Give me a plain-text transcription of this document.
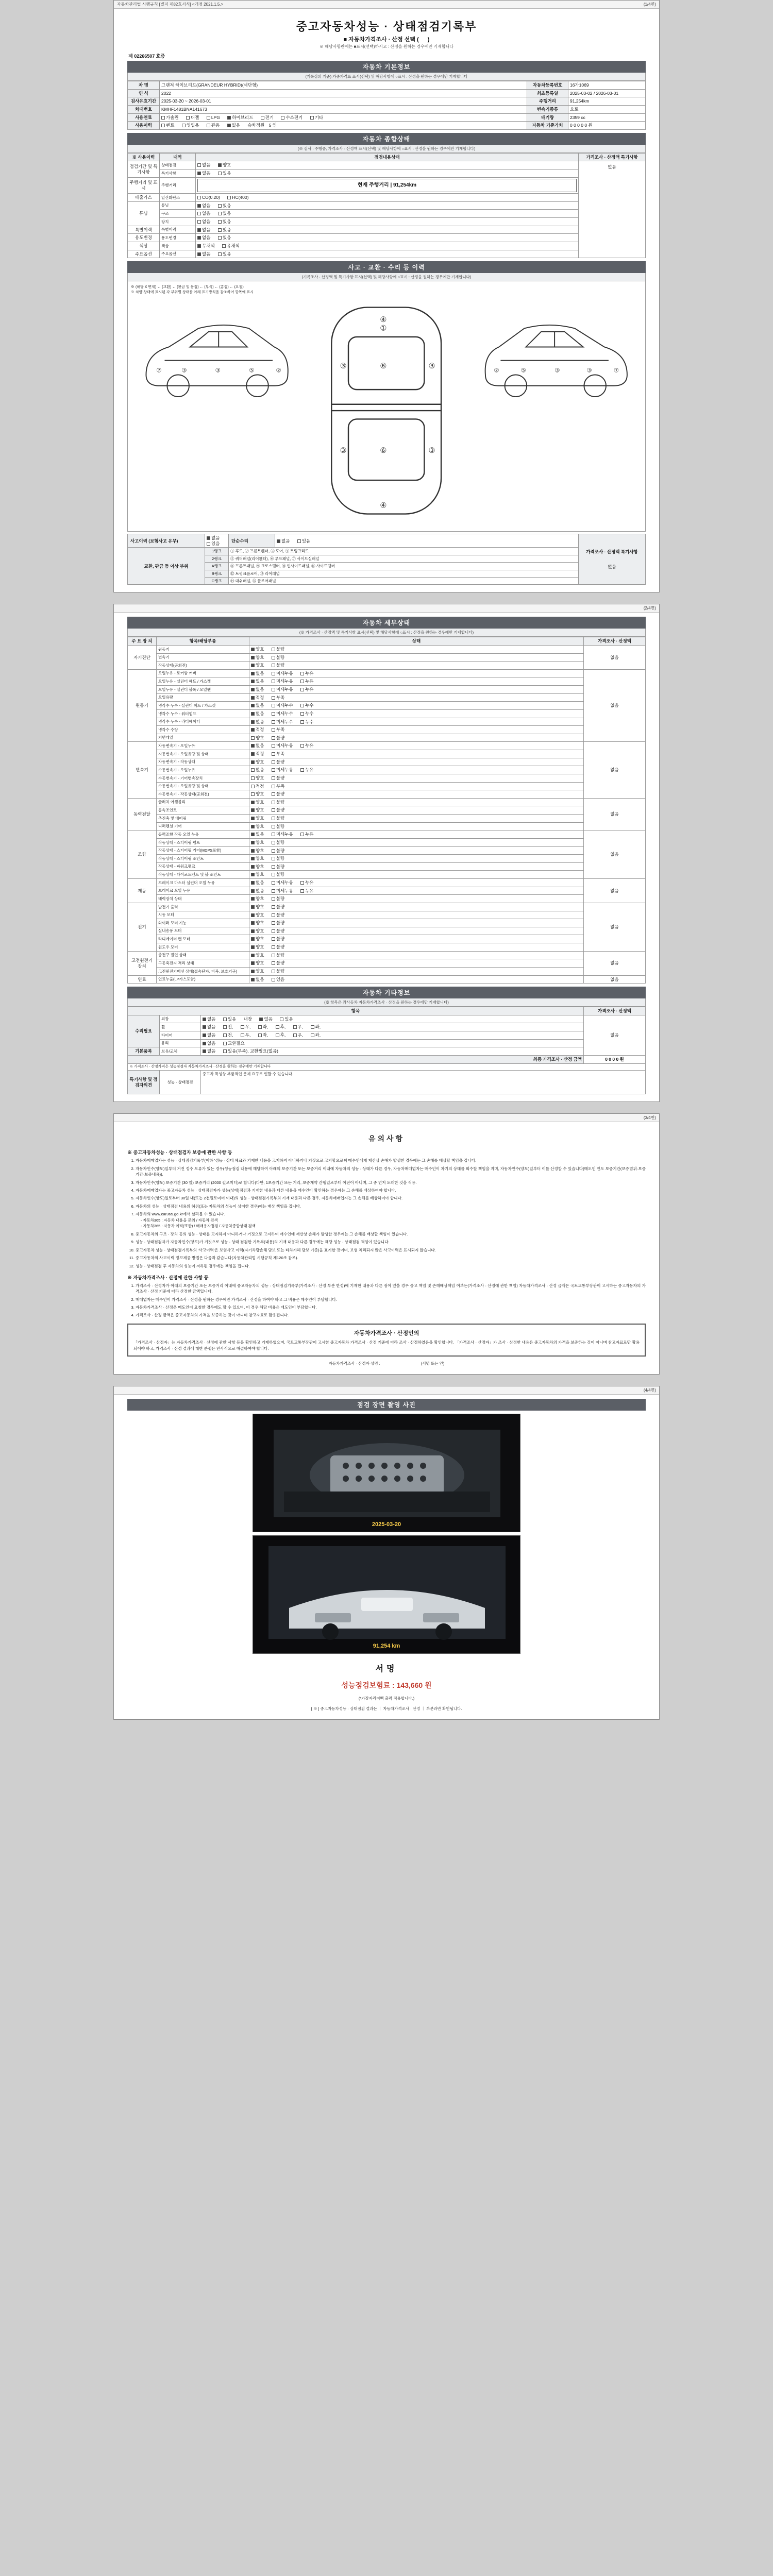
자동차관리법 시행규칙 [별지 제82호서식] <개정 2021.1.5.>	(1/4면)
중고자동차성능 · 상태점검기록부
■ 자동차가격조사 · 산정 선택 ( 　 )
※ 해당사항란에는 ■표시(선택)하시고 : 산정을 원하는 경우에만 기재합니다
제 02266507 호증
자동차 기본정보
(기록상의 기준) 가중가격표 표시(선택) 및 해당사항에 ○표시 : 산정을 원하는 경우에만 기재합니다
차 명	그랜져 하이브리드(GRANDEUR HYBRID)(세단형)	자동차등록번호	16가1069
연 식	2022	최초등록일	2025-03-02 / 2026-03-01
검사유효기간	2025-03-20 ~ 2026-03-01	주행거리	91,254km
차대번호	KMHF1481BNA141673	변속기종류	오토
사용연료	가솔린 디젤 LPG 하이브리드 전기 수소전기 기타	배기량	2359 cc
사용이력	렌트 영업용 관용 없음 승차정원 5 인	자동차 기준가치	0 0 0 0 0 원
자동차 종합상태
(※ 검사 : 주행중, 가격조사 · 산정액 표시(선택) 및 해당사항에 ○표시 : 산정을 원하는 경우에만 기재합니다)
※ 사용이력	내역	점검내용상태	가격조사 · 산정액 특기사항
점검기간 및 특기사항	상태점검	없음 양호	없음

	특기사항	없음 있음	
주행거리 및 표시	주행거리	현재 주행거리 | 91,254km	

배출가스	일산화탄소	CO(0.20) HC(400)	
튜닝	튜닝	없음 있음	
	구조	없음 있음	
	장치	없음 있음	
특별이력	특별이력	없음 있음	
용도변경	용도변경	없음 있음	
색상	색상	무채색 유채색	
주요옵션	주요옵션	없음 있음	
사고 · 교환 · 수리 등 이력
(기록조사 · 산정액 및 특기사항 표시(선택) 및 해당사항에 ○표시 : 산정을 원하는 경우에만 기재합니다)
※ (해당 X 면제) ← (교환) ← (판금 및 용접) ← (부식) ← (흠집) ← (요철)
※ 차량 상태에 표시된 각 부위별 상태를 아래 표기방식을 참조하여 항목에 표시
⑦	③	③	⑤	②
④
①
③	③
⑥
③	③
⑥
④
⑦
③
③
⑤
②
사고이력 (보험사고 유무)	없음 있음	단순수리	없음 있음	가격조사 · 산정액 특기사항
없음

교환, 판금 등 이상 부위	1랭크	① 후드, ② 프론트휀더, ③ 도어, ④ 트렁크리드		
	2랭크	⑤ 쿼터패널(리어휀더), ⑥ 루프패널, ⑦ 사이드실패널		
	A랭크	⑧ 프론트패널, ⑨ 크로스멤버, ⑩ 인사이드패널, ⑪ 사이드멤버		
	B랭크	⑫ 트렁크플로어, ⑬ 리어패널		
	C랭크	⑭ 대쉬패널, ⑮ 플로어패널		

(2/4면)
자동차 세부상태
(※ 가격조사 · 산정액 및 특기사항 표시(선택) 및 해당사항에 ○표시 : 산정을 원하는 경우에만 기재합니다)
주 요 장 치	항목/해당부품	상태	가격조사 · 산정액
자기진단	원동기	양호 불량	없음
	변속기	양호 불량	
	작동상태(공회전)	양호 불량	
원동기	오일누유 - 로커암 커버	없음 미세누유 누유	없음
	오일누유 - 실린더 헤드 / 가스켓	없음 미세누유 누유	
	오일누유 - 실린더 블록 / 오일팬	없음 미세누유 누유	
	오일유량	적정 부족	
	냉각수 누수 - 실린더 헤드 / 가스켓	없음 미세누수 누수	
	냉각수 누수 - 워터펌프	없음 미세누수 누수	
	냉각수 누수 - 라디에이터	없음 미세누수 누수	
	냉각수 수량	적정 부족	
	커먼레일	양호 불량	
변속기	자동변속기 - 오일누유	없음 미세누유 누유	없음
	자동변속기 - 오일유량 및 상태	적정 부족	
	자동변속기 - 작동상태	양호 불량	
	수동변속기 - 오일누유	없음 미세누유 누유	
	수동변속기 - 기어변속장치	양호 불량	
	수동변속기 - 오일유량 및 상태	적정 부족	
	수동변속기 - 작동상태(공회전)	양호 불량	
동력전달	클러치 어셈블리	양호 불량	없음
	등속조인트	양호 불량	
	추진축 및 베어링	양호 불량	
	디퍼렌셜 기어	양호 불량	
조향	동력조향 작동 오일 누유	없음 미세누유 누유	없음
	작동상태 - 스티어링 펌프	양호 불량	
	작동상태 - 스티어링 기어(MDPS포함)	양호 불량	
	작동상태 - 스티어링 조인트	양호 불량	
	작동상태 - 파워크랭크	양호 불량	
	작동상태 - 타이로드엔드 및 볼 조인트	양호 불량	
제동	브레이크 마스터 실린더 오일 누유	없음 미세누유 누유	없음
	브레이크 오일 누유	없음 미세누유 누유	
	배력장치 상태	양호 불량	
전기	발전기 출력	양호 불량	없음
	시동 모터	양호 불량	
	와이퍼 모터 기능	양호 불량	
	실내송풍 모터	양호 불량	
	라디에이터 팬 모터	양호 불량	
	윈도우 모터	양호 불량	
고전원전기장치	충전구 절연 상태	양호 불량	없음
	구동축전지 격리 상태	양호 불량	
	고전원전기배선 상태(접속단자, 피복, 보호기구)	양호 불량	
연료	연료누출(LP가스포함)	없음 있음	없음
자동차 기타정보
(※ 항목은 좌사동차 자동차가격조사 · 산정을 원하는 경우에만 기재합니다)
항목			가격조사 · 산정액
수리필요	외장	없음 있음 내장 없음 있음	없음
	휠	없음 전, 우, 좌, 후, 우, 좌,	
	타이어	없음 전, 우, 좌, 후, 우, 좌,	
	유리	없음 교환필요	
기본품목	보유/교체	없음 있음(부족), 교환필요(없음)	
최종 가격조사 · 산정 금액			0 0 0 0 원
※ 가격조사 · 산정가격은 성능점검자 자동차가격조사 · 산정을 원하는 경우에만 기재합니다			
특기사항 및 점검자의견	성능 · 상태점검	중고차 특성상 부품적인 문제 요구로 인할 수 있습니다.	

(3/4면)
유의사항
※ 중고자동차성능 · 상태점검자 보증에 관한 사항 등
1. 자동차매매업자는 성능 · 상태점검기록부(이하 '성능 · 상태 체크와 기재한 내용을 고지하지 아니하거나 거짓으로 고지할으로써 매수인에게 재산상 손해가 발생한 경우에는 그 손해를 배상할 책임을 갑니다.
2. 자동차인수(양도)일부터 거진 정수 오류가 있는 경우(성능점검 내용에 해당하여 아래의 보증기간 또는 보증거리 이내에 자동차의 성능 · 상태가 다른 경우, 자동차매매업자는 매수인이 차기의 상태를 회수할 책임을 지며, 자동차인수(양도)일부터 이를 산정할 수 있습니다(매도인 인도 보증기간(보증범위·보증기간·보증내용)).
3. 자동차인수(양도) 보증기간 (30 일) 보증거리 (2000 킬로미터)로 합니다(다만, 1보증기간 또는 거리, 보증계약 간행일로부터 이전이 아니며, 그 중 먼저 도래한 것을 적용.
4. 자동차매매업자는 중고자동차 성능 · 상태점검자가 성능(상태)점검과 기재한 내용과 다른 내용을 매수인이 확인하는 경우에는 그 손해를 배상하여야 합니다.
5. 자동차인수(양도)일로부터 30일 내(또는 2천킬로미터 이내)의 성능 · 상태점검기록부의 기재 내용과 다른 경우, 자동차매매업자는 그 손해를 배상하여야 합니다.
6. 자동차의 성능 · 상태점검 내용의 허위(또는 자동차의 성능이 상이한 경우)에는 배상 책임을 집니다.
7. 자동차의 www.car365.go.kr에서 살펴볼 수 있습니다.
- 자동차365 : 자동차 내용을 문의 / 자동차 검색
- 자동차365 : 자동차 이력(또한) / 매매용자점검 / 자동차종합상태 검색
8. 중고자동차의 구조 · 장치 등의 성능 · 상태를 고지하지 아니하거나 거짓으로 고지하여 매수인에 재산상 손해가 발생한 경우에는 그 손해를 배상할 책임이 있습니다.
9. 성능 · 상태점검자가 자동차인수(양도)가 거짓으로 성능 · 상태 점검한 기록부(내용)의 기재 내용과 다른 경우에는 해당 성능 · 상태점검 책임이 있습니다.
10. 중고자동차 성능 · 상태점검기록부의 '사고이력'은 보험사고 이력(자기차량손해 담보 또는 타차가해 담보 기준)을 표기한 것이며, 보험 처리되지 않은 사고이력은 표시되지 않습니다.
11. 중고자동차의 사고이력 정보제공 방법은 다음과 같습니다(자동차관리법 시행규칙 제120조 참조).
12. 성능 · 상태점검 후 자동차의 성능이 저하된 경우에는 책임을 집니다.
※ 자동차가격조사 · 산정에 관한 사항 등
1. 가격조사 · 산정자가 아래의 보증기간 또는 보증거리 이내에 중고자동차의 성능 · 상태점검기록부(가격조사 · 산정 부분 한정)에 기재한 내용과 다른 점이 있을 경우 중고 책임 및 손해배상책임 여부는(가격조사 · 산정에 관한 책임) 자동차가격조사 · 산정 금액은 국토교통부장관이 고시하는 중고자동차의 가격조사 · 산정 기준에 따라 산정한 금액입니다.
2. 매매업자는 매수인이 가격조사 · 산정을 원하는 경우에만 가격조사 · 산정을 하여야 하고 그 비용은 매수인이 부담합니다.
3. 자동차가격조사 · 산정은 매도인이 요청한 경우에도 할 수 있으며, 이 경우 해당 비용은 매도인이 부담합니다.
4. 가격조사 · 산정 금액은 중고자동차의 가격을 보증하는 것이 아니며 참고자료로 활용됩니다.
자동차가격조사 · 산정인의
「가격조사 · 산정자」는 자동차가격조사 · 산정에 관한 사항 등을 확인하고 기재하였으며, 국토교통부장관이 고시한 중고자동차 가격조사 · 산정 기준에 따라 조사 · 산정하였음을 확인합니다. 「가격조사 · 산정자」가 조사 · 산정한 내용은 중고자동차의 가격을 보증하는 것이 아니며 참고자료로만 활용되어야 하고, 가격조사 · 산정 결과에 대한 분쟁은 민사적으로 해결하여야 합니다.
자동차가격조사 · 산정자 성명 : 　　　　　　　　　　 (서명 또는 인)

(4/4면)
점검 장면 촬영 사진
2025-03-20
91,254 km
서명
성능점검보험료 : 143,660 원
(*가장자리여백 출력 적용합니다.)
[ ※ ] 중고자동차성능 · 상태점검 결과는 ｜ 자동차가격조사 · 산정 ｜ 부분과만 확인됩니다.
